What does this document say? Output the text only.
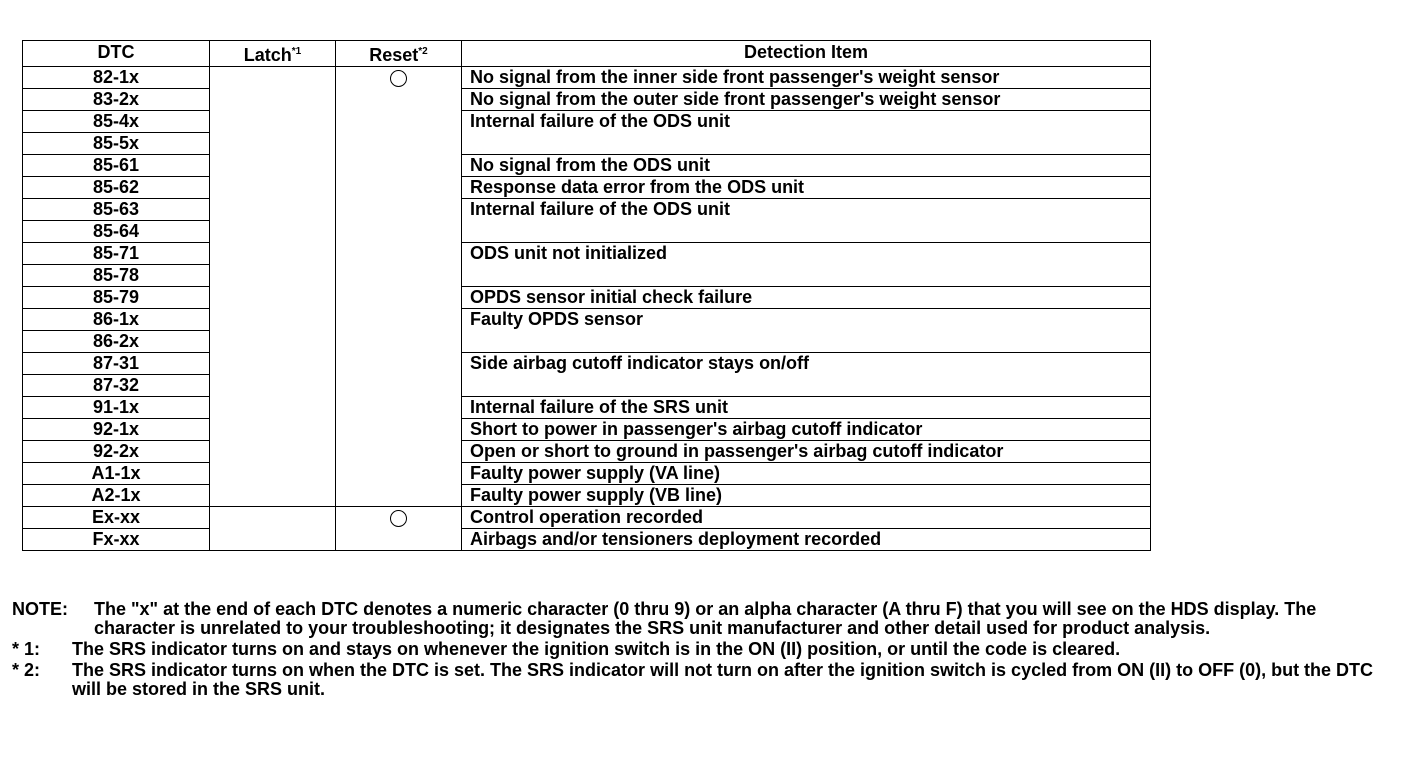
DTC	Latch$^{*1}$	Reset$^{*2}$	Detection Item
82-1x			No signal from the inner side front passenger's weight sensor
83-2x			No signal from the outer side front passenger's weight sensor
85-4x			Internal failure of the ODS unit
85-5x			
85-61			No signal from the ODS unit
85-62			Response data error from the ODS unit
85-63			Internal failure of the ODS unit
85-64			
85-71			ODS unit not initialized
85-78			
85-79			OPDS sensor initial check failure
86-1x			Faulty OPDS sensor
86-2x			
87-31			Side airbag cutoff indicator stays on/off
87-32			
91-1x			Internal failure of the SRS unit
92-1x			Short to power in passenger's airbag cutoff indicator
92-2x			Open or short to ground in passenger's airbag cutoff indicator
A1-1x			Faulty power supply (VA line)
A2-1x			Faulty power supply (VB line)
Ex-xx			Control operation recorded
Fx-xx			Airbags and/or tensioners deployment recorded
NOTE:	The "x" at the end of each DTC denotes a numeric character (0 thru 9) or an alpha character (A thru F) that you will see on the HDS display. The character is unrelated to your troubleshooting; it designates the SRS unit manufacturer and other detail used for product analysis.
* 1:	The SRS indicator turns on and stays on whenever the ignition switch is in the ON (II) position, or until the code is cleared.
* 2:	The SRS indicator turns on when the DTC is set. The SRS indicator will not turn on after the ignition switch is cycled from ON (II) to OFF (0), but the DTC will be stored in the SRS unit.
